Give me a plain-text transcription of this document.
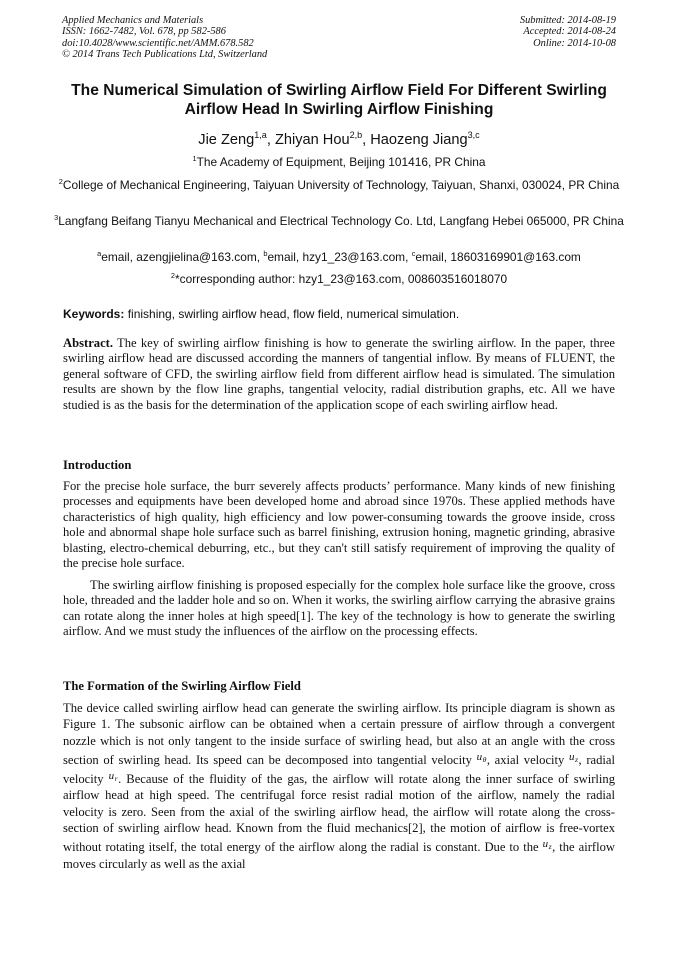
Applied Mechanics and Materials
ISSN: 1662-7482, Vol. 678, pp 582-586
doi:10.4028/www.scientific.net/AMM.678.582
© 2014 Trans Tech Publications Ltd, Switzerland
Submitted: 2014-08-19
Accepted: 2014-08-24
Online: 2014-10-08
The Numerical Simulation of Swirling Airflow Field For Different Swirling
Airflow Head In Swirling Airflow Finishing
Jie Zeng$^{1,a}$, Zhiyan Hou$^{2,b}$, Haozeng Jiang$^{3,c}$
$^1$The Academy of Equipment, Beijing 101416, PR China
$^2$College of Mechanical Engineering, Taiyuan University of Technology, Taiyuan, Shanxi, 030024, PR China
$^3$Langfang Beifang Tianyu Mechanical and Electrical Technology Co. Ltd, Langfang Hebei 065000, PR China
$^a$email, azengjielina@163.com, $^b$email, hzy1_23@163.com, $^c$email, 18603169901@163.com
$^2$*corresponding author: hzy1_23@163.com, 008603516018070
Keywords: finishing, swirling airflow head, flow field, numerical simulation.
Abstract. The key of swirling airflow finishing is how to generate the swirling airflow. In the paper, three swirling airflow head are discussed according the manners of tangential inflow. By means of FLUENT, the general software of CFD, the swirling airflow field from different airflow head is simulated. The simulation results are shown by the flow line graphs, tangential velocity, radial distribution graphs, etc. All we have studied is as the basis for the determination of the application scope of each swirling airflow head.
Introduction
For the precise hole surface, the burr severely affects products’ performance. Many kinds of new finishing processes and equipments have been developed home and abroad since 1970s. These applied methods have characteristics of high quality, high efficiency and low power-consuming towards the groove inside, cross hole and abnormal shape hole surface such as barrel finishing, extrusion honing, magnetic grinding, abrasive blasting, electro-chemical deburring, etc., but they can't still satisfy requirement of improving the quality of the precise hole surface.
The swirling airflow finishing is proposed especially for the complex hole surface like the groove, cross hole, threaded and the ladder hole and so on. When it works, the swirling airflow carrying the abrasive grains can rotate along the inner holes at high speed[1]. The key of the technology is how to generate the swirling airflow. And we must study the influences of the airflow on the processing effects.
The Formation of the Swirling Airflow Field
The device called swirling airflow head can generate the swirling airflow. Its principle diagram is shown as Figure 1. The subsonic airflow can be obtained when a certain pressure of airflow through a convergent nozzle which is not only tangent to the inside surface of swirling head, but also at an angle with the cross section of swirling head. Its speed can be decomposed into tangential velocity $u_\theta$, axial velocity $u_z$, radial velocity $u_r$. Because of the fluidity of the gas, the airflow will rotate along the inner surface of swirling airflow head at high speed. The centrifugal force resist radial motion of the airflow, namely the radial velocity is zero. Seen from the axial of the swirling airflow head, the airflow will rotate along the cross-section of swirling airflow head. Known from the fluid mechanics[2], the motion of airflow is free-vortex without rotating itself, the total energy of the airflow along the radial is constant. Due to the $u_z$, the airflow moves circularly as well as the axial
